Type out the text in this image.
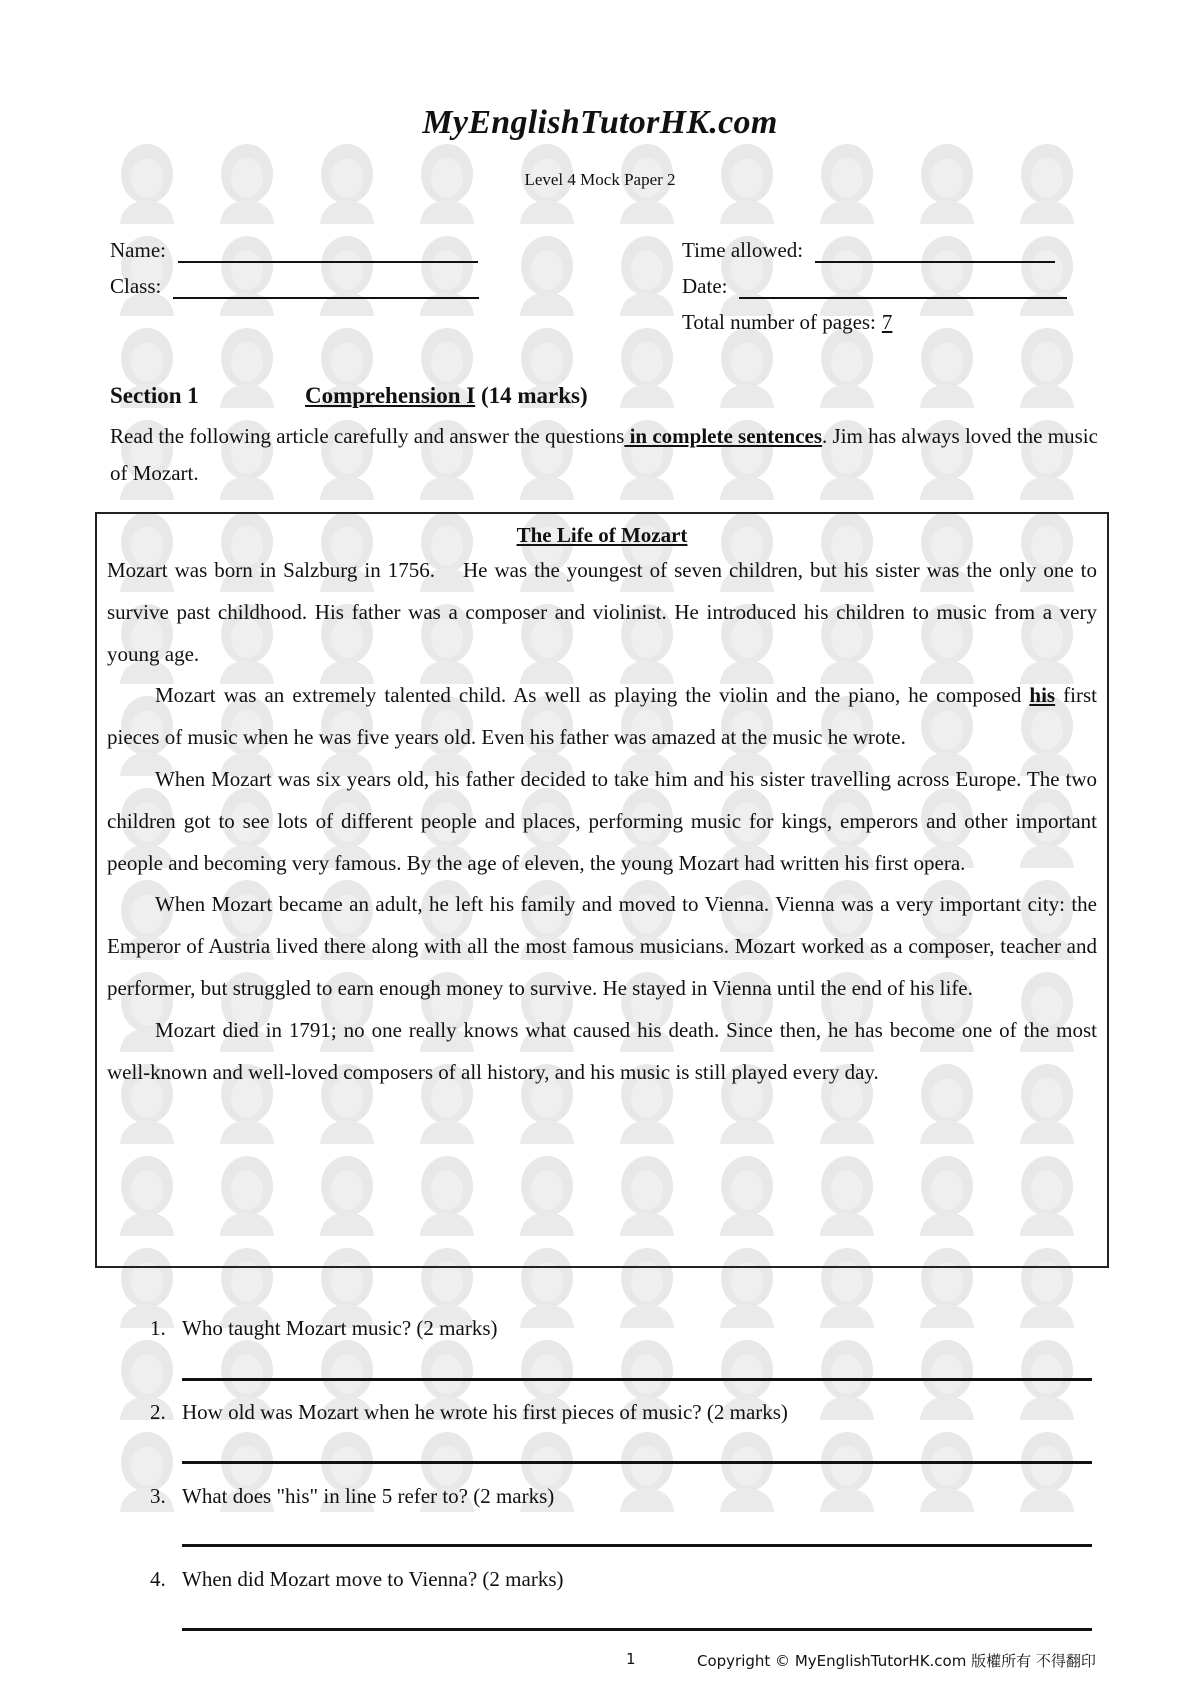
MyEnglishTutorHK.com
Level 4 Mock Paper 2
Name:
Class:
Time allowed:
Date:
Total number of pages: 7
Section 1	Comprehension I (14 marks)
Read the following article carefully and answer the questions in complete sentences. Jim has always loved the music of Mozart.
The Life of Mozart

Mozart was born in Salzburg in 1756.    He was the youngest of seven children, but his sister was the only one to survive past childhood. His father was a composer and violinist. He introduced his children to music from a very young age.

Mozart was an extremely talented child. As well as playing the violin and the piano, he composed his first pieces of music when he was five years old. Even his father was amazed at the music he wrote.

When Mozart was six years old, his father decided to take him and his sister travelling across Europe. The two children got to see lots of different people and places, performing music for kings, emperors and other important people and becoming very famous. By the age of eleven, the young Mozart had written his first opera.

When Mozart became an adult, he left his family and moved to Vienna. Vienna was a very important city: the Emperor of Austria lived there along with all the most famous musicians. Mozart worked as a composer, teacher and performer, but struggled to earn enough money to survive. He stayed in Vienna until the end of his life.

Mozart died in 1791; no one really knows what caused his death. Since then, he has become one of the most well-known and well-loved composers of all history, and his music is still played every day.

1. Who taught Mozart music? (2 marks)
2. How old was Mozart when he wrote his first pieces of music? (2 marks)
3. What does "his" in line 5 refer to? (2 marks)
4. When did Mozart move to Vienna? (2 marks)
1	Copyright © MyEnglishTutorHK.com 版權所有 不得翻印
